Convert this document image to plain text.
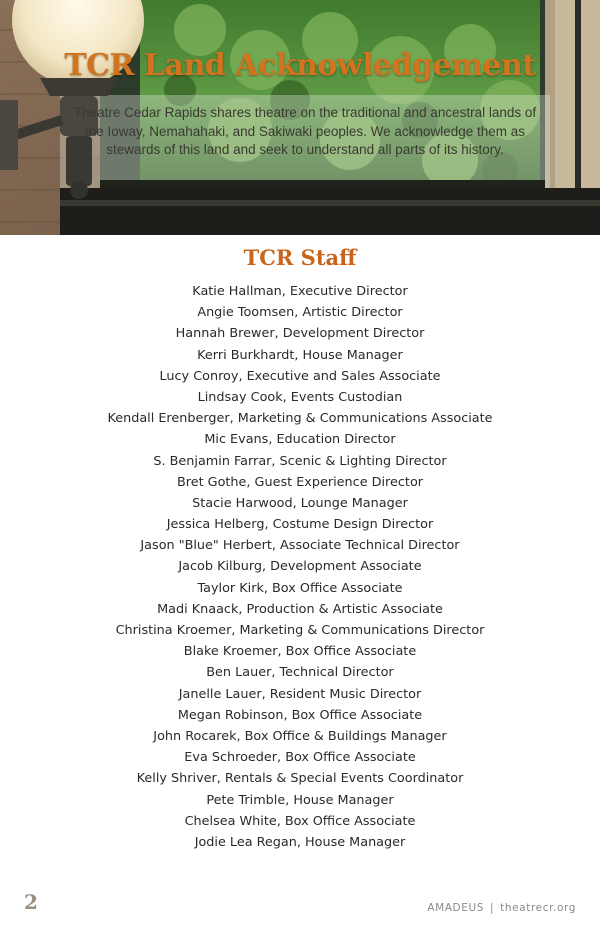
TCR Land Acknowledgement
Theatre Cedar Rapids shares theatre on the traditional and ancestral lands of the Ioway, Nemahahaki, and Sakiwaki peoples. We acknowledge them as stewards of this land and seek to understand all parts of its history.
TCR Staff
Katie Hallman, Executive Director
Angie Toomsen, Artistic Director
Hannah Brewer, Development Director
Kerri Burkhardt, House Manager
Lucy Conroy, Executive and Sales Associate
Lindsay Cook, Events Custodian
Kendall Erenberger, Marketing & Communications Associate
Mic Evans, Education Director
S. Benjamin Farrar, Scenic & Lighting Director
Bret Gothe, Guest Experience Director
Stacie Harwood, Lounge Manager
Jessica Helberg, Costume Design Director
Jason "Blue" Herbert, Associate Technical Director
Jacob Kilburg, Development Associate
Taylor Kirk, Box Office Associate
Madi Knaack, Production & Artistic Associate
Christina Kroemer, Marketing & Communications Director
Blake Kroemer, Box Office Associate
Ben Lauer, Technical Director
Janelle Lauer, Resident Music Director
Megan Robinson, Box Office Associate
John Rocarek, Box Office & Buildings Manager
Eva Schroeder, Box Office Associate
Kelly Shriver, Rentals & Special Events Coordinator
Pete Trimble, House Manager
Chelsea White, Box Office Associate
Jodie Lea Regan, House Manager
2	AMADEUS | theatrecr.org
